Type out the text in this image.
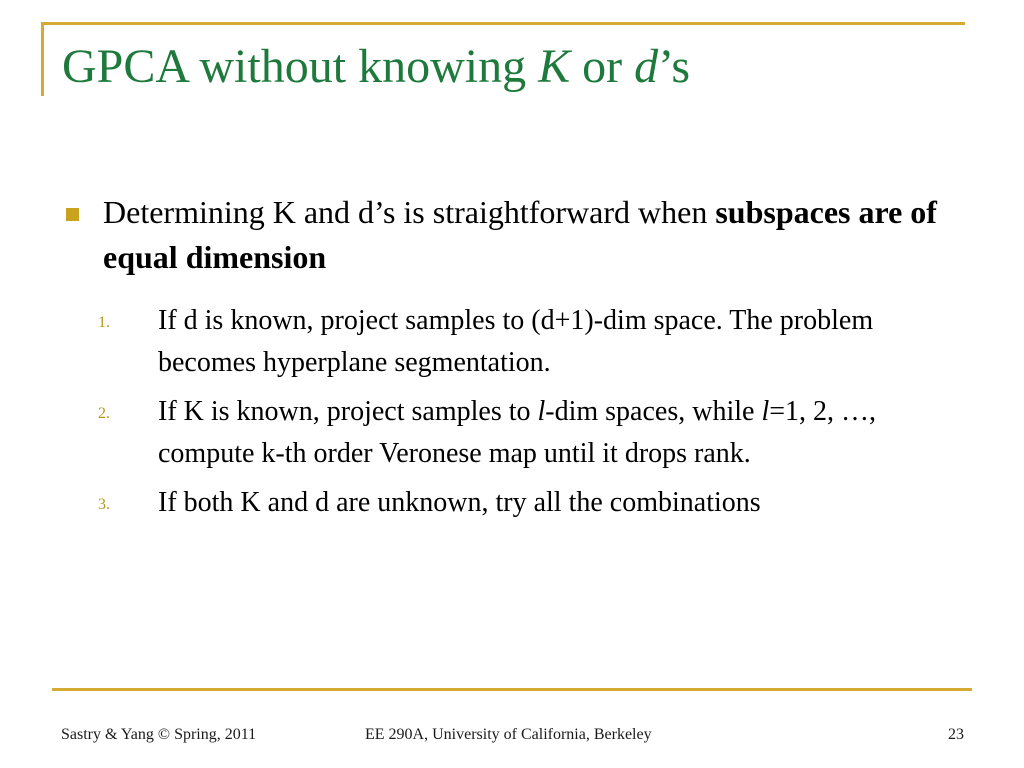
GPCA without knowing K or d’s
Determining K and d’s is straightforward when subspaces are of equal dimension
1. If d is known, project samples to (d+1)-dim space. The problem becomes hyperplane segmentation.
2. If K is known, project samples to l-dim spaces, while l=1, 2, …, compute k-th order Veronese map until it drops rank.
3. If both K and d are unknown, try all the combinations
Sastry & Yang © Spring, 2011	EE 290A, University of California, Berkeley	23
